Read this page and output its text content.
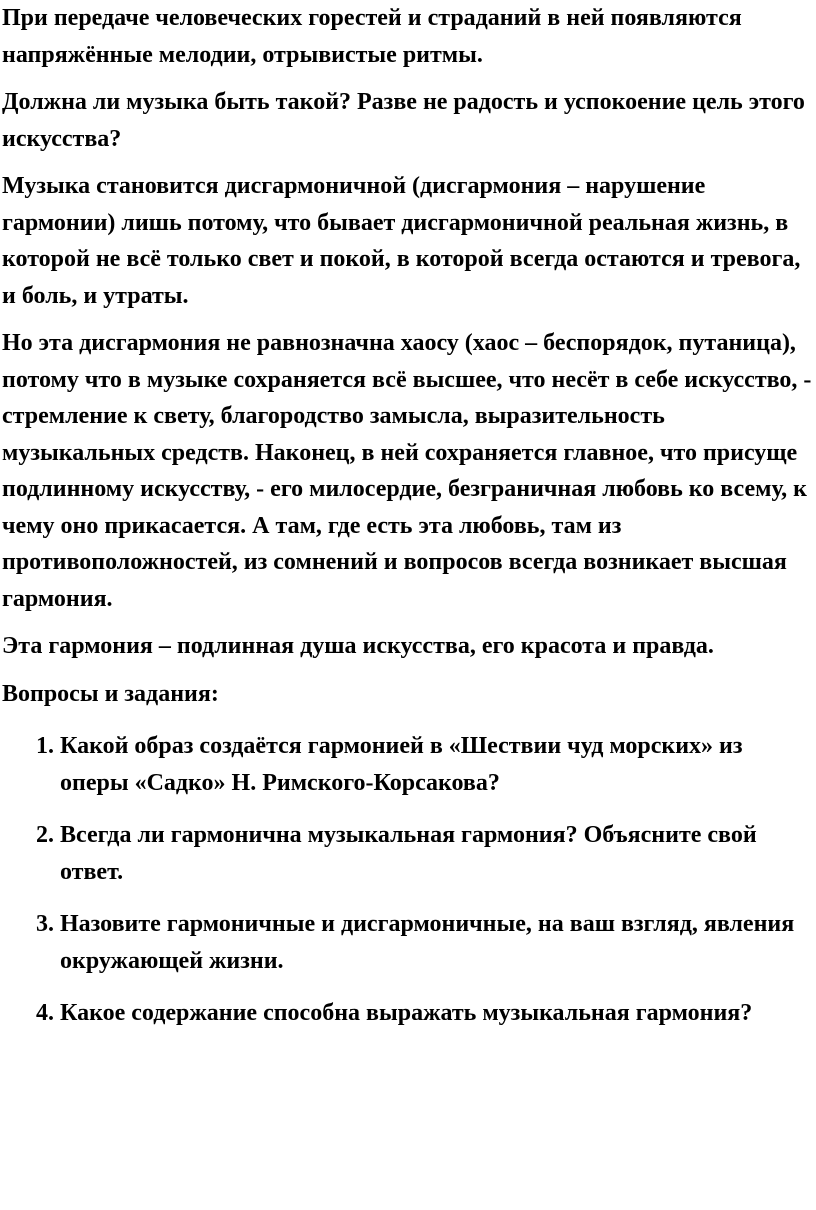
При передаче человеческих горестей и страданий в ней появляются напряжённые мелодии, отрывистые ритмы.

Должна ли музыка быть такой? Разве не радость и успокоение цель этого искусства?

Музыка становится дисгармоничной (дисгармония – нарушение гармонии) лишь потому, что бывает дисгармоничной реальная жизнь, в которой не всё только свет и покой, в которой всегда остаются и тревога, и боль, и утраты.

Но эта дисгармония не равнозначна хаосу (хаос – беспорядок, путаница), потому что в музыке сохраняется всё высшее, что несёт в себе искусство, - стремление к свету, благородство замысла, выразительность музыкальных средств. Наконец, в ней сохраняется главное, что присуще подлинному искусству, - его милосердие, безграничная любовь ко всему, к чему оно прикасается. А там, где есть эта любовь, там из противоположностей, из сомнений и вопросов всегда возникает высшая гармония.

Эта гармония – подлинная душа искусства, его красота и правда.

Вопросы и задания:

1. Какой образ создаётся гармонией в «Шествии чуд морских» из оперы «Садко» Н. Римского-Корсакова?
2. Всегда ли гармонична музыкальная гармония? Объясните свой ответ.
3. Назовите гармоничные и дисгармоничные, на ваш взгляд, явления окружающей жизни.
4. Какое содержание способна выражать музыкальная гармония?
